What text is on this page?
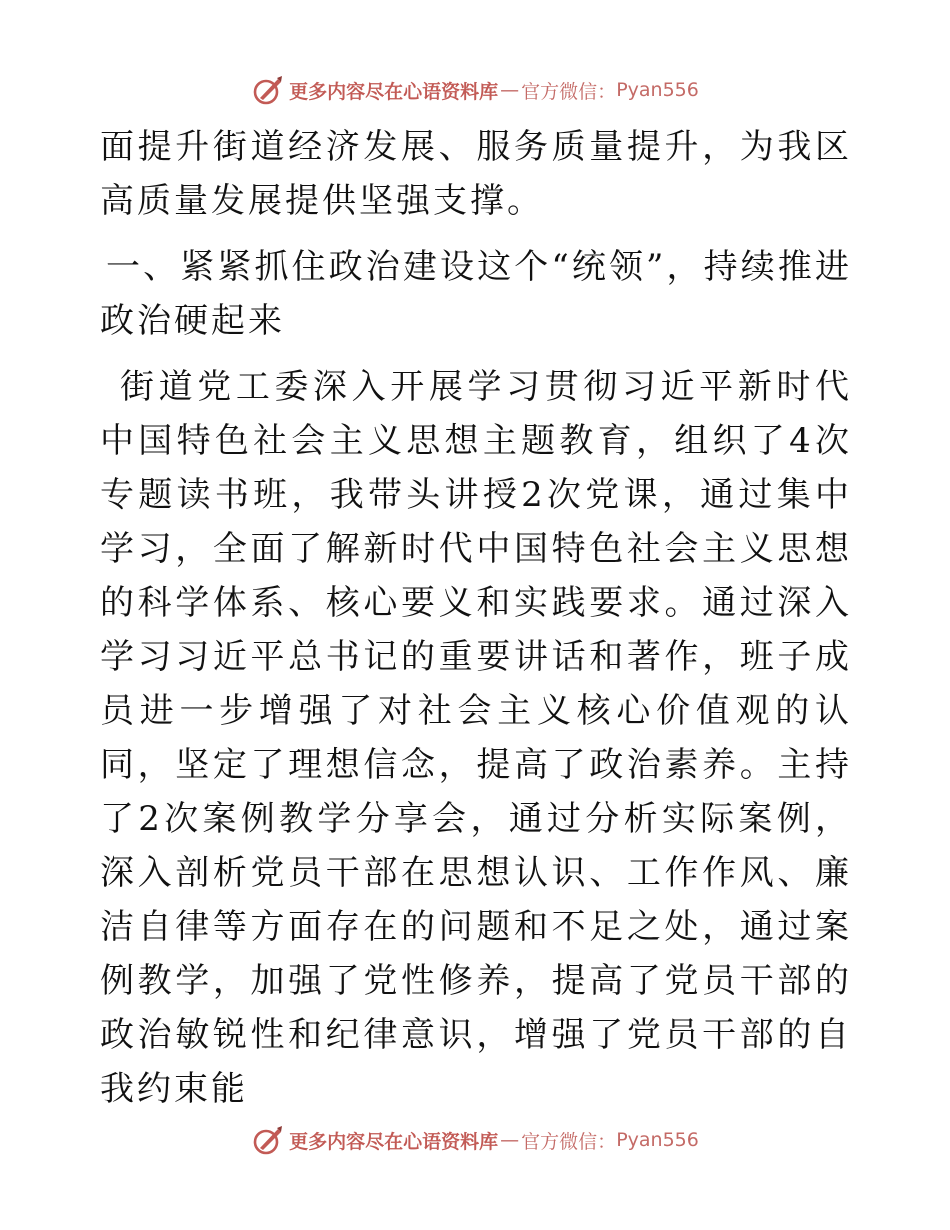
更多内容尽在心语资料库 — 官方微信： Pyan556

面提升街道经济发展、服务质量提升，为我区高质量发展提供坚强支撑。

一、紧紧抓住政治建设这个“统领”，持续推进政治硬起来

街道党工委深入开展学习贯彻习近平新时代中国特色社会主义思想主题教育，组织了4次专题读书班，我带头讲授2次党课，通过集中学习，全面了解新时代中国特色社会主义思想的科学体系、核心要义和实践要求。通过深入学习习近平总书记的重要讲话和著作，班子成员进一步增强了对社会主义核心价值观的认同，坚定了理想信念，提高了政治素养。主持了2次案例教学分享会，通过分析实际案例，深入剖析党员干部在思想认识、工作作风、廉洁自律等方面存在的问题和不足之处，通过案例教学，加强了党性修养，提高了党员干部的政治敏锐性和纪律意识，增强了党员干部的自我约束能

更多内容尽在心语资料库 — 官方微信： Pyan556
